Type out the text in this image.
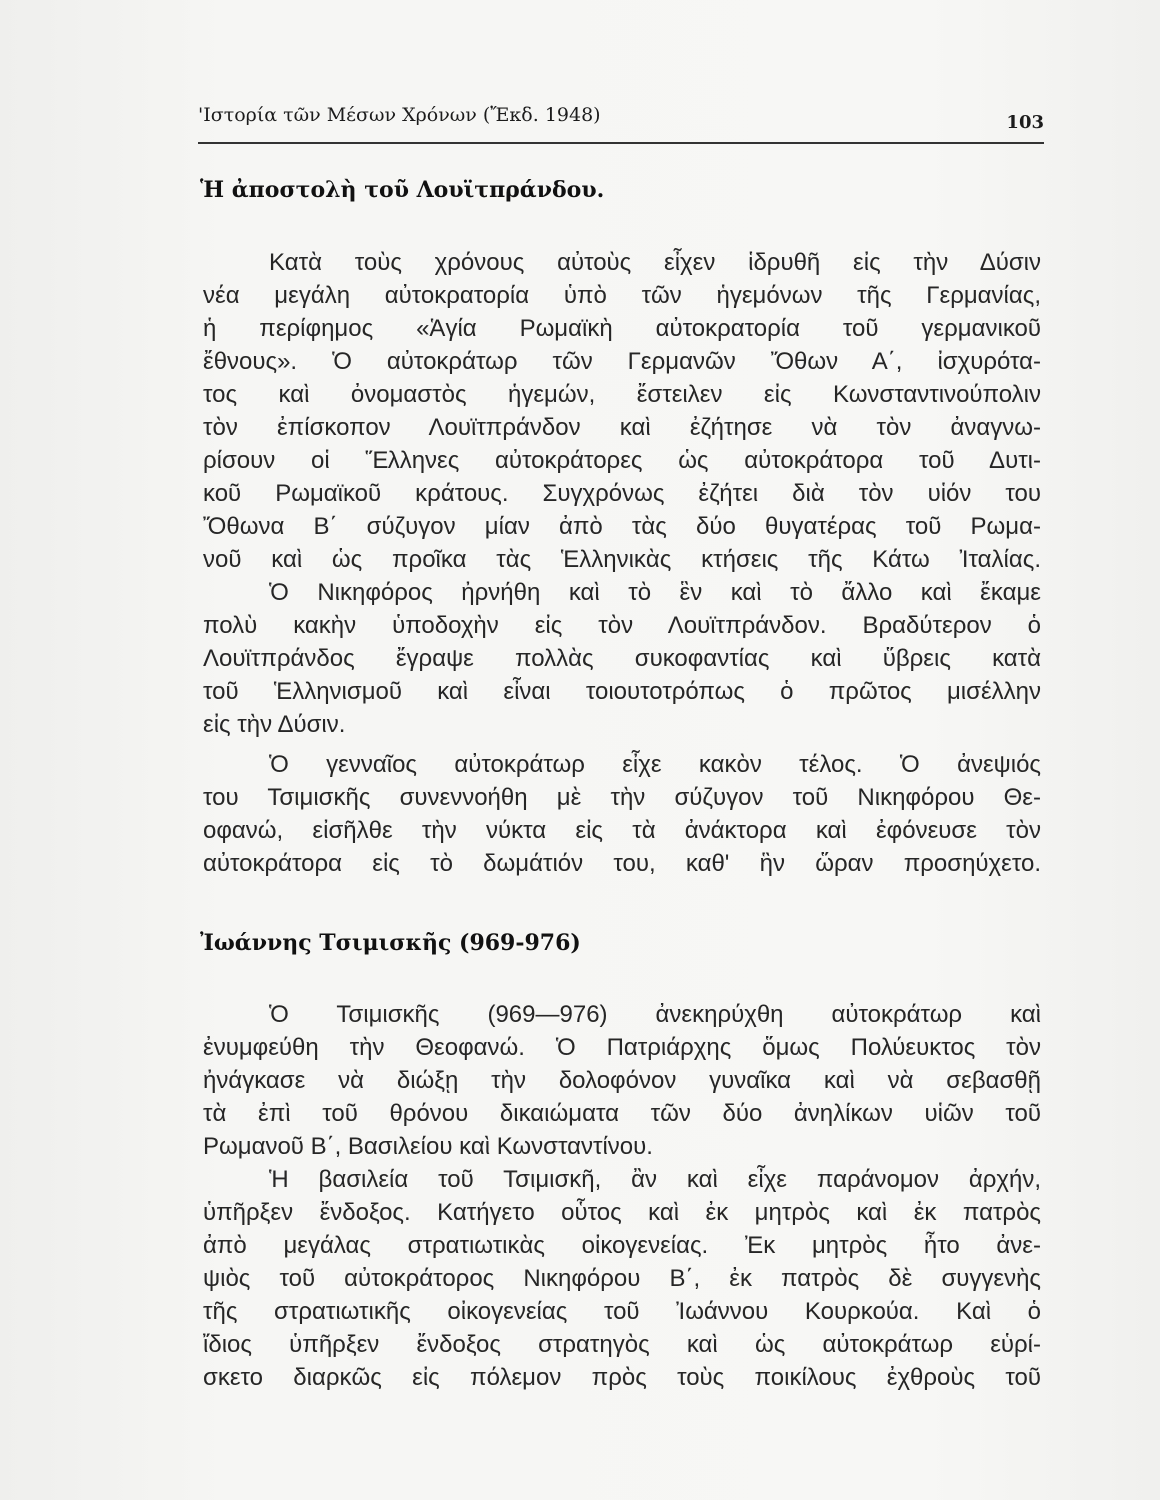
'Ιστορία τῶν Μέσων Χρόνων (Ἔκδ. 1948)	103
Ἡ ἀποστολὴ τοῦ Λουϊτπράνδου.
Κατὰ τοὺς χρόνους αὐτοὺς εἶχεν ἱδρυθῆ εἰς τὴν Δύσιν
νέα μεγάλη αὐτοκρατορία ὑπὸ τῶν ἡγεμόνων τῆς Γερμανίας,
ἡ περίφημος «Ἁγία Ρωμαϊκὴ αὐτοκρατορία τοῦ γερμανικοῦ
ἔθνους». Ὁ αὐτοκράτωρ τῶν Γερμανῶν Ὄθων Α΄, ἰσχυρότα-
τος καὶ ὀνομαστὸς ἡγεμών, ἔστειλεν εἰς Κωνσταντινούπολιν
τὸν ἐπίσκοπον Λουϊτπράνδον καὶ ἐζήτησε νὰ τὸν ἀναγνω-
ρίσουν οἱ Ἕλληνες αὐτοκράτορες ὡς αὐτοκράτορα τοῦ Δυτι-
κοῦ Ρωμαϊκοῦ κράτους. Συγχρόνως ἐζήτει διὰ τὸν υἱόν του
Ὄθωνα Β΄ σύζυγον μίαν ἀπὸ τὰς δύο θυγατέρας τοῦ Ρωμα-
νοῦ καὶ ὡς προῖκα τὰς Ἑλληνικὰς κτήσεις τῆς Κάτω Ἰταλίας.
Ὁ Νικηφόρος ἠρνήθη καὶ τὸ ἓν καὶ τὸ ἄλλο καὶ ἔκαμε
πολὺ κακὴν ὑποδοχὴν εἰς τὸν Λουϊτπράνδον. Βραδύτερον ὁ
Λουϊτπράνδος ἔγραψε πολλὰς συκοφαντίας καὶ ὕβρεις κατὰ
τοῦ Ἑλληνισμοῦ καὶ εἶναι τοιουτοτρόπως ὁ πρῶτος μισέλλην
εἰς τὴν Δύσιν.
Ὁ γενναῖος αὐτοκράτωρ εἶχε κακὸν τέλος. Ὁ ἀνεψιός
του Τσιμισκῆς συνεννοήθη μὲ τὴν σύζυγον τοῦ Νικηφόρου Θε-
οφανώ, εἰσῆλθε τὴν νύκτα εἰς τὰ ἀνάκτορα καὶ ἐφόνευσε τὸν
αὐτοκράτορα εἰς τὸ δωμάτιόν του, καθ' ἣν ὥραν προσηύχετο.
Ἰωάννης Τσιμισκῆς (969-976)
Ὁ Τσιμισκῆς (969—976) ἀνεκηρύχθη αὐτοκράτωρ καὶ
ἐνυμφεύθη τὴν Θεοφανώ. Ὁ Πατριάρχης ὅμως Πολύευκτος τὸν
ἠνάγκασε νὰ διώξῃ τὴν δολοφόνον γυναῖκα καὶ νὰ σεβασθῇ
τὰ ἐπὶ τοῦ θρόνου δικαιώματα τῶν δύο ἀνηλίκων υἱῶν τοῦ
Ρωμανοῦ Β΄, Βασιλείου καὶ Κωνσταντίνου.
Ἡ βασιλεία τοῦ Τσιμισκῆ, ἂν καὶ εἶχε παράνομον ἀρχήν,
ὑπῆρξεν ἔνδοξος. Κατήγετο οὗτος καὶ ἐκ μητρὸς καὶ ἐκ πατρὸς
ἀπὸ μεγάλας στρατιωτικὰς οἰκογενείας. Ἐκ μητρὸς ἦτο ἀνε-
ψιὸς τοῦ αὐτοκράτορος Νικηφόρου Β΄, ἐκ πατρὸς δὲ συγγενὴς
τῆς στρατιωτικῆς οἰκογενείας τοῦ Ἰωάννου Κουρκούα. Καὶ ὁ
ἴδιος ὑπῆρξεν ἔνδοξος στρατηγὸς καὶ ὡς αὐτοκράτωρ εὑρί-
σκετο διαρκῶς εἰς πόλεμον πρὸς τοὺς ποικίλους ἐχθροὺς τοῦ
